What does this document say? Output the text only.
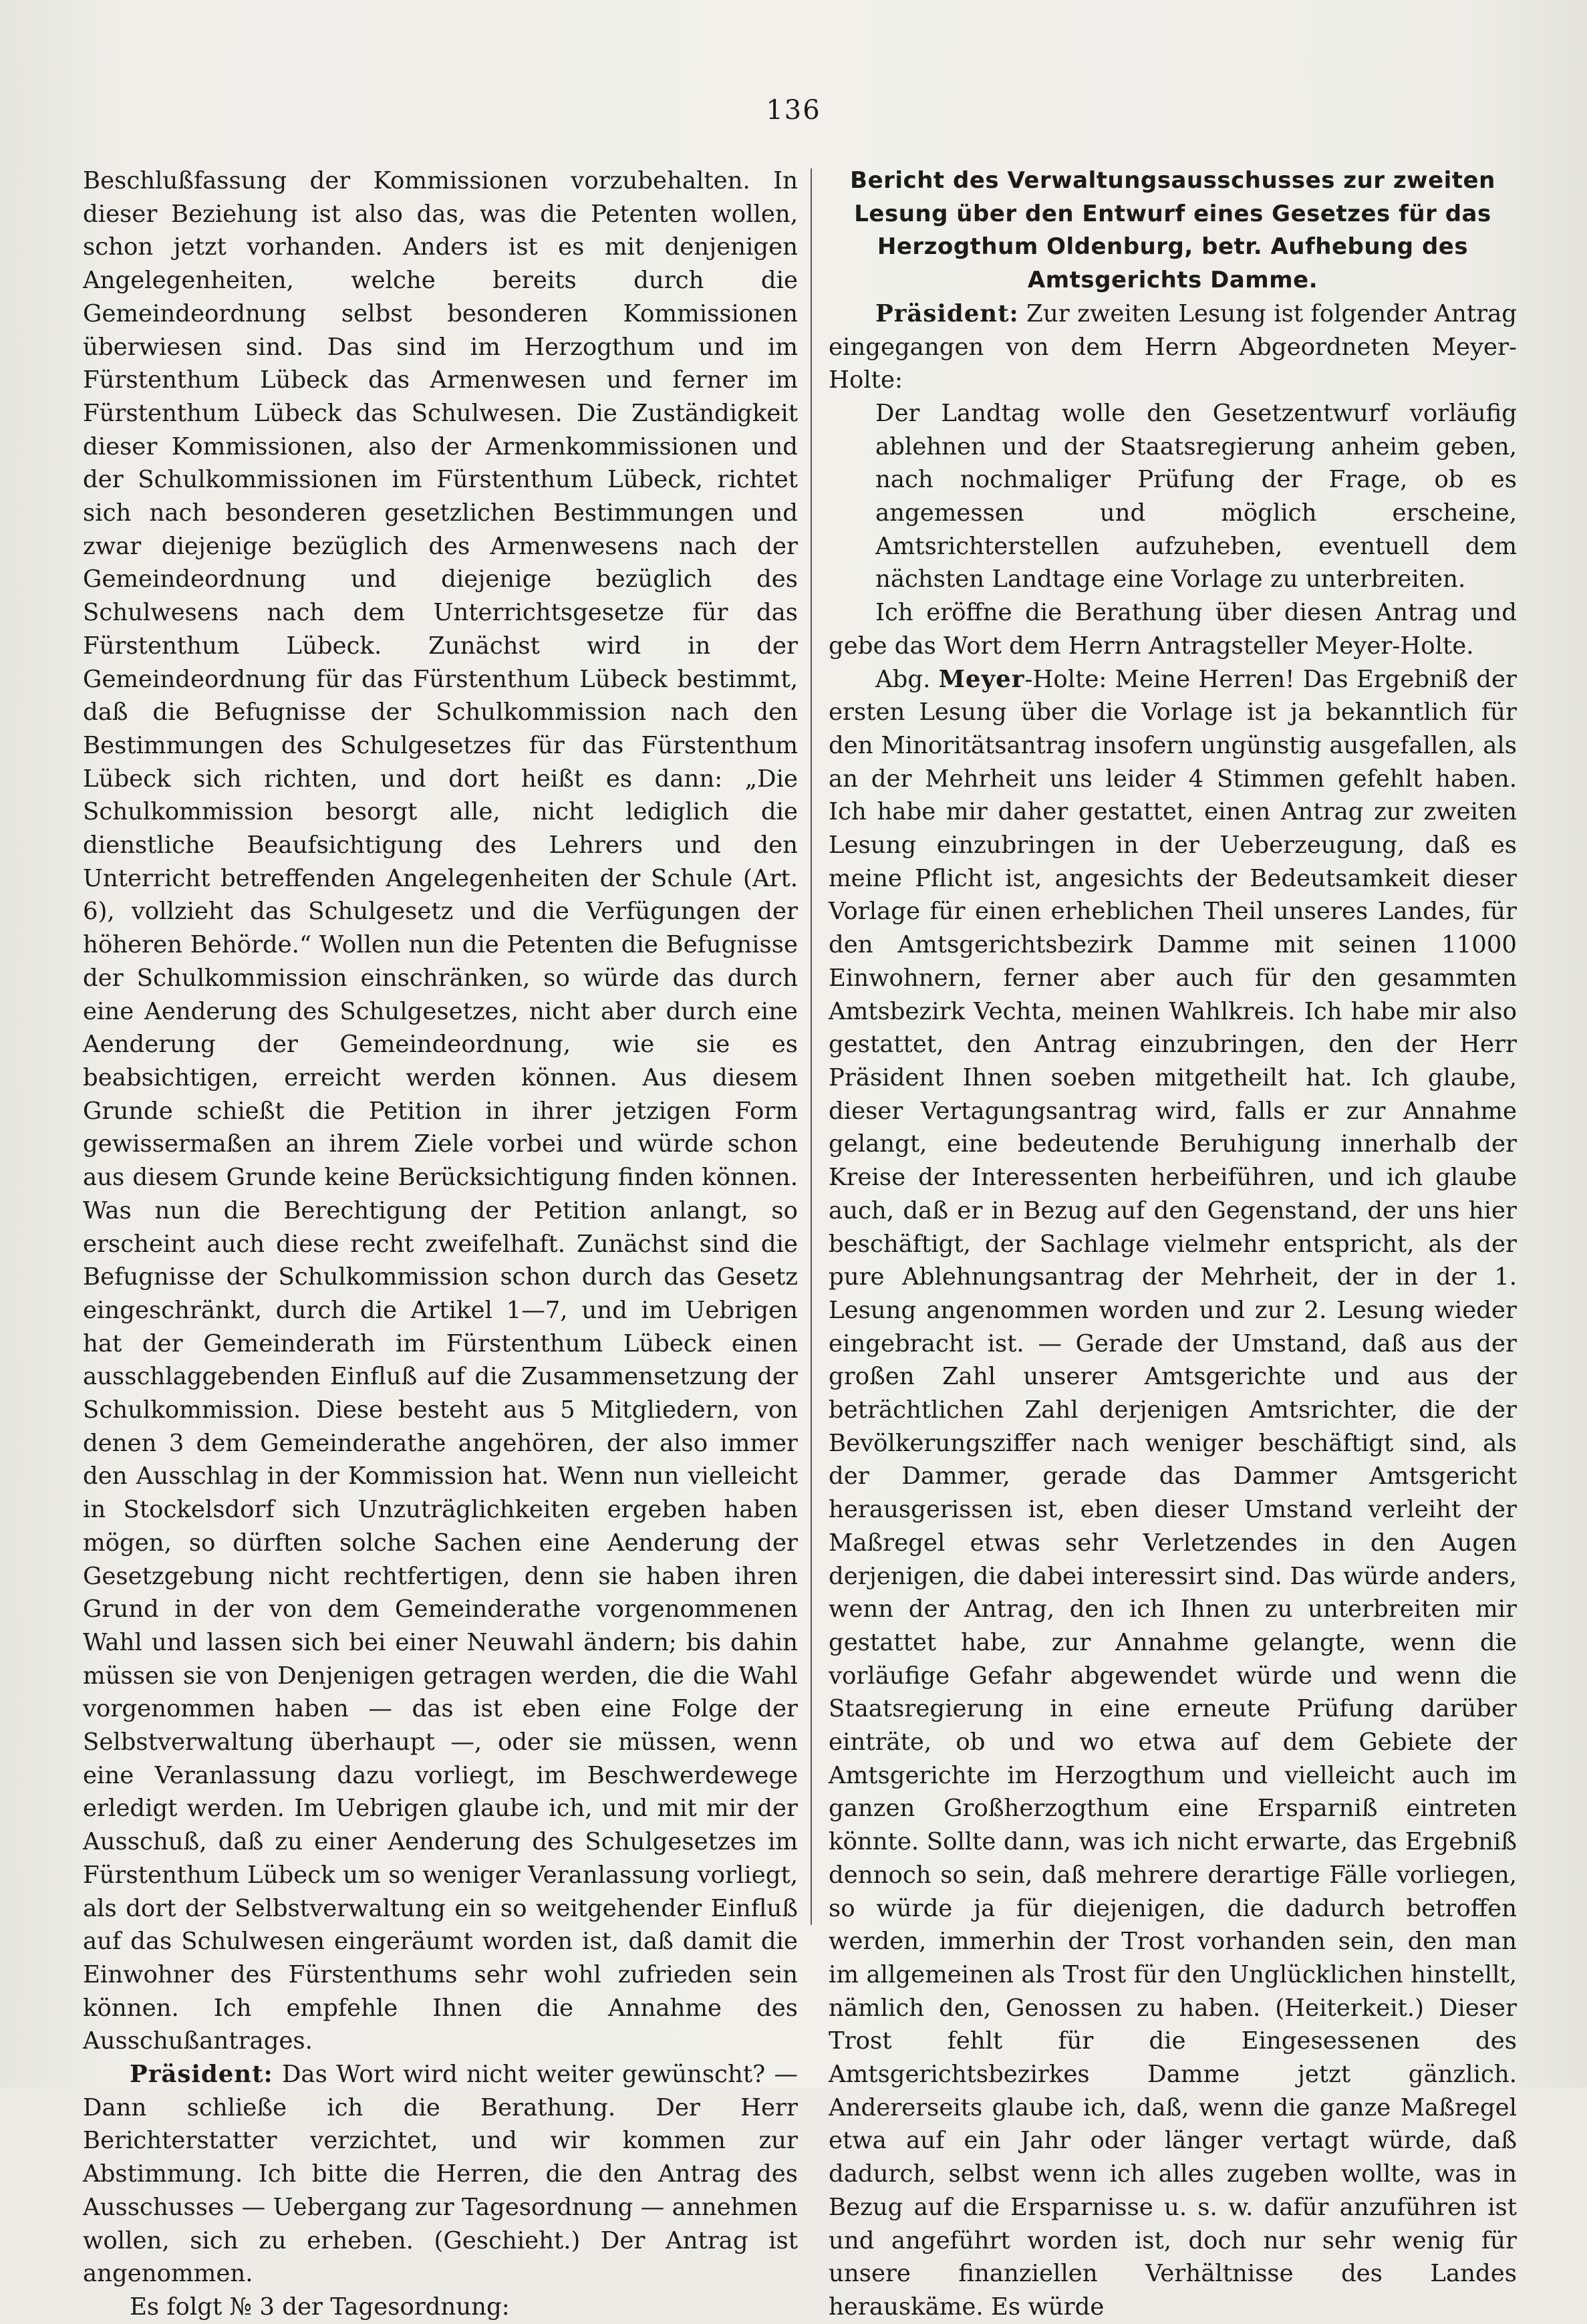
136

Beschlußfassung der Kommissionen vorzubehalten. In dieser Beziehung ist also das, was die Petenten wollen, schon jetzt vorhanden. Anders ist es mit denjenigen Angelegenheiten, welche bereits durch die Gemeindeordnung selbst besonderen Kommissionen überwiesen sind. Das sind im Herzogthum und im Fürstenthum Lübeck das Armenwesen und ferner im Fürstenthum Lübeck das Schulwesen. Die Zuständigkeit dieser Kommissionen, also der Armenkommissionen und der Schulkommissionen im Fürstenthum Lübeck, richtet sich nach besonderen gesetzlichen Bestimmungen und zwar diejenige bezüglich des Armenwesens nach der Gemeindeordnung und diejenige bezüglich des Schulwesens nach dem Unterrichtsgesetze für das Fürstenthum Lübeck. Zunächst wird in der Gemeindeordnung für das Fürstenthum Lübeck bestimmt, daß die Befugnisse der Schulkommission nach den Bestimmungen des Schulgesetzes für das Fürstenthum Lübeck sich richten, und dort heißt es dann: „Die Schulkommission besorgt alle, nicht lediglich die dienstliche Beaufsichtigung des Lehrers und den Unterricht betreffenden Angelegenheiten der Schule (Art. 6), vollzieht das Schulgesetz und die Verfügungen der höheren Behörde.“ Wollen nun die Petenten die Befugnisse der Schulkommission einschränken, so würde das durch eine Aenderung des Schulgesetzes, nicht aber durch eine Aenderung der Gemeindeordnung, wie sie es beabsichtigen, erreicht werden können. Aus diesem Grunde schießt die Petition in ihrer jetzigen Form gewissermaßen an ihrem Ziele vorbei und würde schon aus diesem Grunde keine Berücksichtigung finden können. Was nun die Berechtigung der Petition anlangt, so erscheint auch diese recht zweifelhaft. Zunächst sind die Befugnisse der Schulkommission schon durch das Gesetz eingeschränkt, durch die Artikel 1—7, und im Uebrigen hat der Gemeinderath im Fürstenthum Lübeck einen ausschlaggebenden Einfluß auf die Zusammensetzung der Schulkommission. Diese besteht aus 5 Mitgliedern, von denen 3 dem Gemeinderathe angehören, der also immer den Ausschlag in der Kommission hat. Wenn nun vielleicht in Stockelsdorf sich Unzuträglichkeiten ergeben haben mögen, so dürften solche Sachen eine Aenderung der Gesetzgebung nicht rechtfertigen, denn sie haben ihren Grund in der von dem Gemeinderathe vorgenommenen Wahl und lassen sich bei einer Neuwahl ändern; bis dahin müssen sie von Denjenigen getragen werden, die die Wahl vorgenommen haben — das ist eben eine Folge der Selbstverwaltung überhaupt —, oder sie müssen, wenn eine Veranlassung dazu vorliegt, im Beschwerdewege erledigt werden. Im Uebrigen glaube ich, und mit mir der Ausschuß, daß zu einer Aenderung des Schulgesetzes im Fürstenthum Lübeck um so weniger Veranlassung vorliegt, als dort der Selbstverwaltung ein so weitgehender Einfluß auf das Schulwesen eingeräumt worden ist, daß damit die Einwohner des Fürstenthums sehr wohl zufrieden sein können. Ich empfehle Ihnen die Annahme des Ausschußantrages.

Präsident: Das Wort wird nicht weiter gewünscht? — Dann schließe ich die Berathung. Der Herr Berichterstatter verzichtet, und wir kommen zur Abstimmung. Ich bitte die Herren, die den Antrag des Ausschusses — Uebergang zur Tagesordnung — annehmen wollen, sich zu erheben. (Geschieht.) Der Antrag ist angenommen.

Es folgt № 3 der Tagesordnung:

Bericht des Verwaltungsausschusses zur zweiten Lesung über den Entwurf eines Gesetzes für das Herzogthum Oldenburg, betr. Aufhebung des Amtsgerichts Damme.

Präsident: Zur zweiten Lesung ist folgender Antrag eingegangen von dem Herrn Abgeordneten Meyer-Holte:

Der Landtag wolle den Gesetzentwurf vorläufig ablehnen und der Staatsregierung anheim geben, nach nochmaliger Prüfung der Frage, ob es angemessen und möglich erscheine, Amtsrichterstellen aufzuheben, eventuell dem nächsten Landtage eine Vorlage zu unterbreiten.

Ich eröffne die Berathung über diesen Antrag und gebe das Wort dem Herrn Antragsteller Meyer-Holte.

Abg. Meyer-Holte: Meine Herren! Das Ergebniß der ersten Lesung über die Vorlage ist ja bekanntlich für den Minoritätsantrag insofern ungünstig ausgefallen, als an der Mehrheit uns leider 4 Stimmen gefehlt haben. Ich habe mir daher gestattet, einen Antrag zur zweiten Lesung einzubringen in der Ueberzeugung, daß es meine Pflicht ist, angesichts der Bedeutsamkeit dieser Vorlage für einen erheblichen Theil unseres Landes, für den Amtsgerichtsbezirk Damme mit seinen 11000 Einwohnern, ferner aber auch für den gesammten Amtsbezirk Vechta, meinen Wahlkreis. Ich habe mir also gestattet, den Antrag einzubringen, den der Herr Präsident Ihnen soeben mitgetheilt hat. Ich glaube, dieser Vertagungsantrag wird, falls er zur Annahme gelangt, eine bedeutende Beruhigung innerhalb der Kreise der Interessenten herbeiführen, und ich glaube auch, daß er in Bezug auf den Gegenstand, der uns hier beschäftigt, der Sachlage vielmehr entspricht, als der pure Ablehnungsantrag der Mehrheit, der in der 1. Lesung angenommen worden und zur 2. Lesung wieder eingebracht ist. — Gerade der Umstand, daß aus der großen Zahl unserer Amtsgerichte und aus der beträchtlichen Zahl derjenigen Amtsrichter, die der Bevölkerungsziffer nach weniger beschäftigt sind, als der Dammer, gerade das Dammer Amtsgericht herausgerissen ist, eben dieser Umstand verleiht der Maßregel etwas sehr Verletzendes in den Augen derjenigen, die dabei interessirt sind. Das würde anders, wenn der Antrag, den ich Ihnen zu unterbreiten mir gestattet habe, zur Annahme gelangte, wenn die vorläufige Gefahr abgewendet würde und wenn die Staatsregierung in eine erneute Prüfung darüber einträte, ob und wo etwa auf dem Gebiete der Amtsgerichte im Herzogthum und vielleicht auch im ganzen Großherzogthum eine Ersparniß eintreten könnte. Sollte dann, was ich nicht erwarte, das Ergebniß dennoch so sein, daß mehrere derartige Fälle vorliegen, so würde ja für diejenigen, die dadurch betroffen werden, immerhin der Trost vorhanden sein, den man im allgemeinen als Trost für den Unglücklichen hinstellt, nämlich den, Genossen zu haben. (Heiterkeit.) Dieser Trost fehlt für die Eingesessenen des Amtsgerichtsbezirkes Damme jetzt gänzlich. Andererseits glaube ich, daß, wenn die ganze Maßregel etwa auf ein Jahr oder länger vertagt würde, daß dadurch, selbst wenn ich alles zugeben wollte, was in Bezug auf die Ersparnisse u. s. w. dafür anzuführen ist und angeführt worden ist, doch nur sehr wenig für unsere finanziellen Verhältnisse des Landes herauskäme. Es würde
